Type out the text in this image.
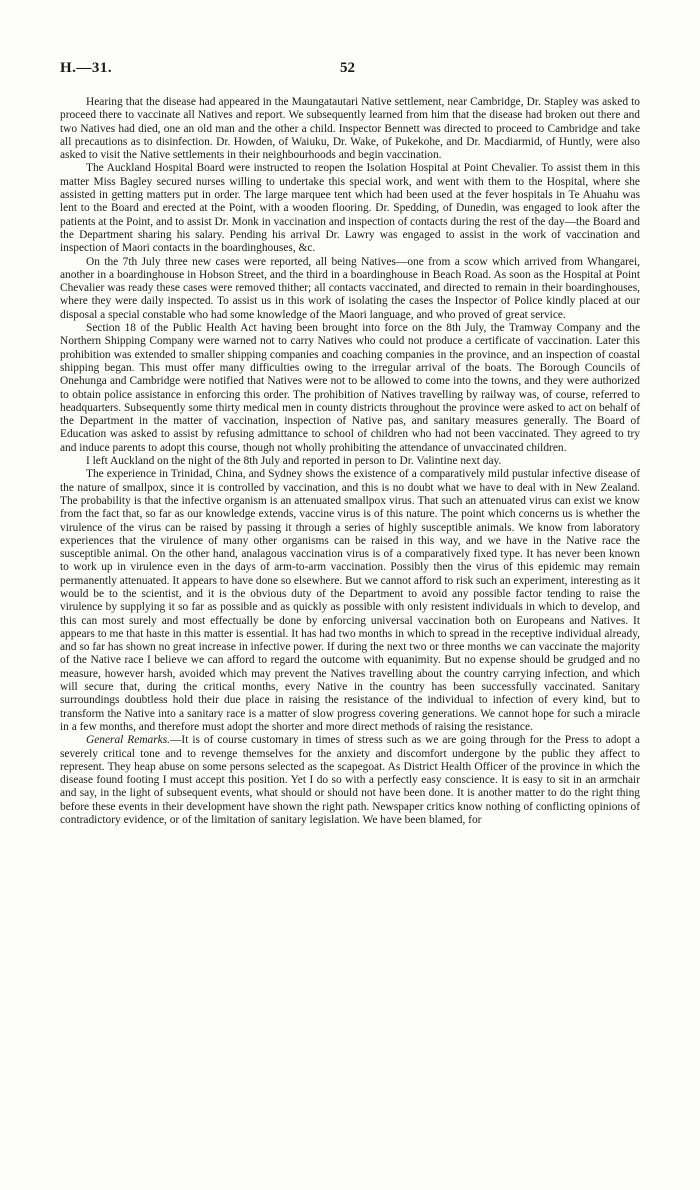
H.—31.	52

Hearing that the disease had appeared in the Maungatautari Native settlement, near Cambridge, Dr. Stapley was asked to proceed there to vaccinate all Natives and report. We subsequently learned from him that the disease had broken out there and two Natives had died, one an old man and the other a child. Inspector Bennett was directed to proceed to Cambridge and take all precautions as to disinfection. Dr. Howden, of Waiuku, Dr. Wake, of Pukekohe, and Dr. Macdiarmid, of Huntly, were also asked to visit the Native settlements in their neighbourhoods and begin vaccination.

The Auckland Hospital Board were instructed to reopen the Isolation Hospital at Point Chevalier. To assist them in this matter Miss Bagley secured nurses willing to undertake this special work, and went with them to the Hospital, where she assisted in getting matters put in order. The large marquee tent which had been used at the fever hospitals in Te Ahuahu was lent to the Board and erected at the Point, with a wooden flooring. Dr. Spedding, of Dunedin, was engaged to look after the patients at the Point, and to assist Dr. Monk in vaccination and inspection of contacts during the rest of the day—the Board and the Department sharing his salary. Pending his arrival Dr. Lawry was engaged to assist in the work of vaccination and inspection of Maori contacts in the boardinghouses, &c.

On the 7th July three new cases were reported, all being Natives—one from a scow which arrived from Whangarei, another in a boardinghouse in Hobson Street, and the third in a boardinghouse in Beach Road. As soon as the Hospital at Point Chevalier was ready these cases were removed thither; all contacts vaccinated, and directed to remain in their boardinghouses, where they were daily inspected. To assist us in this work of isolating the cases the Inspector of Police kindly placed at our disposal a special constable who had some knowledge of the Maori language, and who proved of great service.

Section 18 of the Public Health Act having been brought into force on the 8th July, the Tramway Company and the Northern Shipping Company were warned not to carry Natives who could not produce a certificate of vaccination. Later this prohibition was extended to smaller shipping companies and coaching companies in the province, and an inspection of coastal shipping began. This must offer many difficulties owing to the irregular arrival of the boats. The Borough Councils of Onehunga and Cambridge were notified that Natives were not to be allowed to come into the towns, and they were authorized to obtain police assistance in enforcing this order. The prohibition of Natives travelling by railway was, of course, referred to headquarters. Subsequently some thirty medical men in county districts throughout the province were asked to act on behalf of the Department in the matter of vaccination, inspection of Native pas, and sanitary measures generally. The Board of Education was asked to assist by refusing admittance to school of children who had not been vaccinated. They agreed to try and induce parents to adopt this course, though not wholly prohibiting the attendance of unvaccinated children.

I left Auckland on the night of the 8th July and reported in person to Dr. Valintine next day.

The experience in Trinidad, China, and Sydney shows the existence of a comparatively mild pustular infective disease of the nature of smallpox, since it is controlled by vaccination, and this is no doubt what we have to deal with in New Zealand. The probability is that the infective organism is an attenuated smallpox virus. That such an attenuated virus can exist we know from the fact that, so far as our knowledge extends, vaccine virus is of this nature. The point which concerns us is whether the virulence of the virus can be raised by passing it through a series of highly susceptible animals. We know from laboratory experiences that the virulence of many other organisms can be raised in this way, and we have in the Native race the susceptible animal. On the other hand, analagous vaccination virus is of a comparatively fixed type. It has never been known to work up in virulence even in the days of arm-to-arm vaccination. Possibly then the virus of this epidemic may remain permanently attenuated. It appears to have done so elsewhere. But we cannot afford to risk such an experiment, interesting as it would be to the scientist, and it is the obvious duty of the Department to avoid any possible factor tending to raise the virulence by supplying it so far as possible and as quickly as possible with only resistent individuals in which to develop, and this can most surely and most effectually be done by enforcing universal vaccination both on Europeans and Natives. It appears to me that haste in this matter is essential. It has had two months in which to spread in the receptive individual already, and so far has shown no great increase in infective power. If during the next two or three months we can vaccinate the majority of the Native race I believe we can afford to regard the outcome with equanimity. But no expense should be grudged and no measure, however harsh, avoided which may prevent the Natives travelling about the country carrying infection, and which will secure that, during the critical months, every Native in the country has been successfully vaccinated. Sanitary surroundings doubtless hold their due place in raising the resistance of the individual to infection of every kind, but to transform the Native into a sanitary race is a matter of slow progress covering generations. We cannot hope for such a miracle in a few months, and therefore must adopt the shorter and more direct methods of raising the resistance.

General Remarks.—It is of course customary in times of stress such as we are going through for the Press to adopt a severely critical tone and to revenge themselves for the anxiety and discomfort undergone by the public they affect to represent. They heap abuse on some persons selected as the scapegoat. As District Health Officer of the province in which the disease found footing I must accept this position. Yet I do so with a perfectly easy conscience. It is easy to sit in an armchair and say, in the light of subsequent events, what should or should not have been done. It is another matter to do the right thing before these events in their development have shown the right path. Newspaper critics know nothing of conflicting opinions of contradictory evidence, or of the limitation of sanitary legislation. We have been blamed, for
